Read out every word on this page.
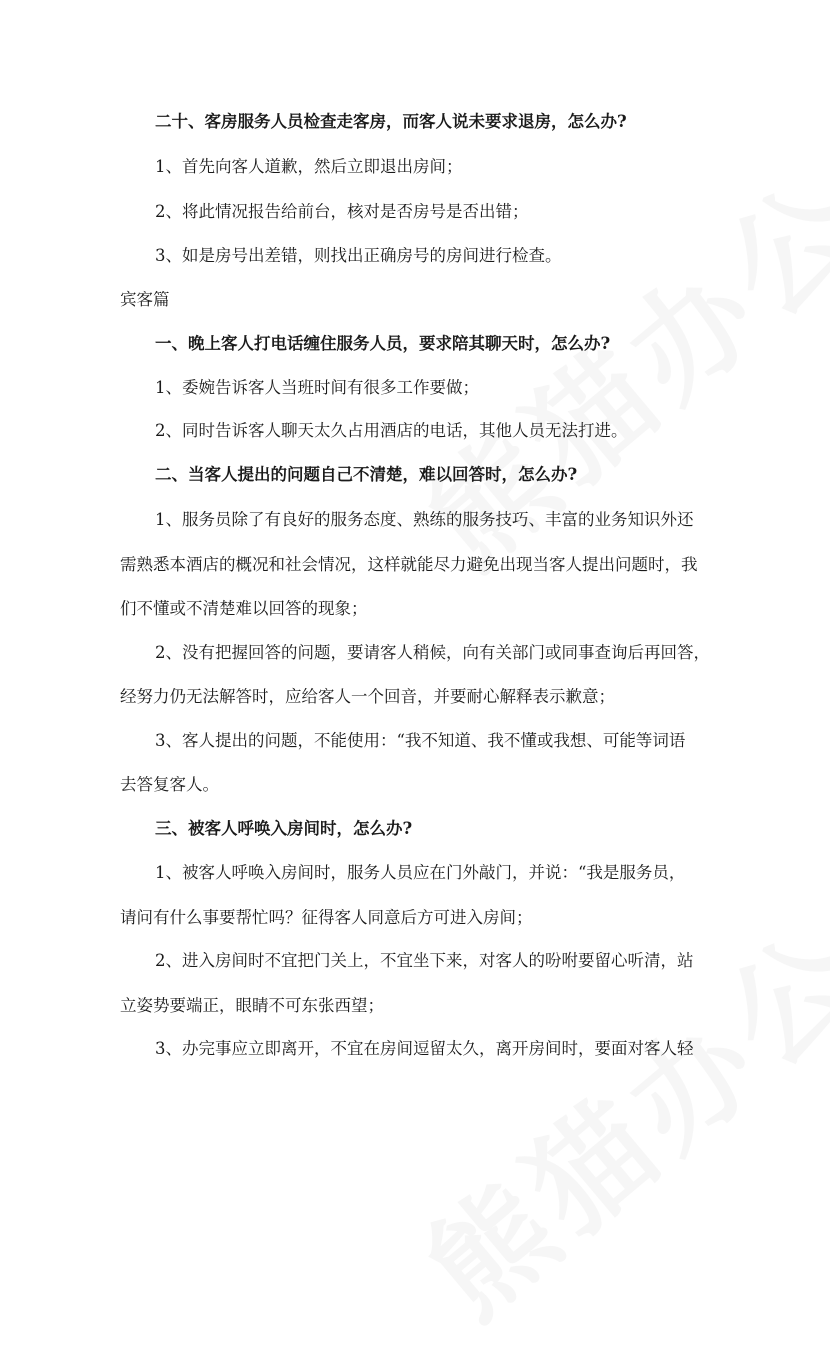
二十、客房服务人员检查走客房，而客人说未要求退房，怎么办?
1、首先向客人道歉，然后立即退出房间；
2、将此情况报告给前台，核对是否房号是否出错；
3、如是房号出差错，则找出正确房号的房间进行检查。
宾客篇
一、晚上客人打电话缠住服务人员，要求陪其聊天时，怎么办?
1、委婉告诉客人当班时间有很多工作要做；
2、同时告诉客人聊天太久占用酒店的电话，其他人员无法打进。
二、当客人提出的问题自己不清楚，难以回答时，怎么办?
1、服务员除了有良好的服务态度、熟练的服务技巧、丰富的业务知识外还
需熟悉本酒店的概况和社会情况，这样就能尽力避免出现当客人提出问题时，我
们不懂或不清楚难以回答的现象；
2、没有把握回答的问题，要请客人稍候，向有关部门或同事查询后再回答，
经努力仍无法解答时，应给客人一个回音，并要耐心解释表示歉意；
3、客人提出的问题，不能使用：“我不知道、我不懂或我想、可能等词语
去答复客人。
三、被客人呼唤入房间时，怎么办?
1、被客人呼唤入房间时，服务人员应在门外敲门，并说：“我是服务员，
请问有什么事要帮忙吗？征得客人同意后方可进入房间；
2、进入房间时不宜把门关上，不宜坐下来，对客人的吩咐要留心听清，站
立姿势要端正，眼睛不可东张西望；
3、办完事应立即离开，不宜在房间逗留太久，离开房间时，要面对客人轻
